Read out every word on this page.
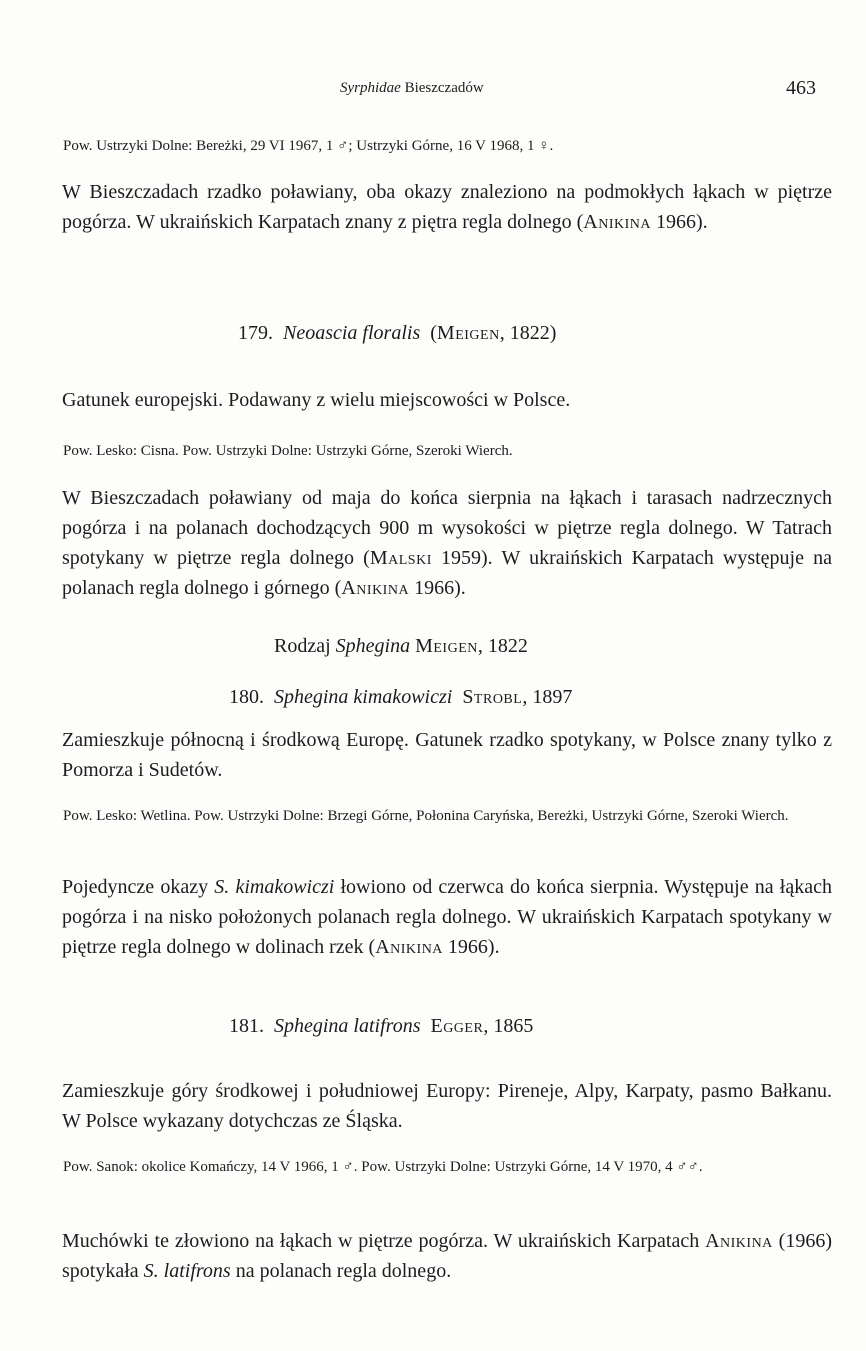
Syrphidae Bieszczadów	463

Pow. Ustrzyki Dolne: Bereżki, 29 VI 1967, 1 ♂; Ustrzyki Górne, 16 V 1968, 1 ♀.

W Bieszczadach rzadko poławiany, oba okazy znaleziono na podmokłych łąkach w piętrze pogórza. W ukraińskich Karpatach znany z piętra regla dolnego (Anikina 1966).

179. Neoascia floralis (Meigen, 1822)

Gatunek europejski. Podawany z wielu miejscowości w Polsce.

Pow. Lesko: Cisna. Pow. Ustrzyki Dolne: Ustrzyki Górne, Szeroki Wierch.

W Bieszczadach poławiany od maja do końca sierpnia na łąkach i tarasach nadrzecznych pogórza i na polanach dochodzących 900 m wysokości w piętrze regla dolnego. W Tatrach spotykany w piętrze regla dolnego (Malski 1959). W ukraińskich Karpatach występuje na polanach regla dolnego i górnego (Anikina 1966).

Rodzaj Sphegina Meigen, 1822
180. Sphegina kimakowiczi Strobl, 1897

Zamieszkuje północną i środkową Europę. Gatunek rzadko spotykany, w Polsce znany tylko z Pomorza i Sudetów.

Pow. Lesko: Wetlina. Pow. Ustrzyki Dolne: Brzegi Górne, Połonina Caryńska, Bereżki, Ustrzyki Górne, Szeroki Wierch.

Pojedyncze okazy S. kimakowiczi łowiono od czerwca do końca sierpnia. Występuje na łąkach pogórza i na nisko położonych polanach regla dolnego. W ukraińskich Karpatach spotykany w piętrze regla dolnego w dolinach rzek (Anikina 1966).

181. Sphegina latifrons Egger, 1865

Zamieszkuje góry środkowej i południowej Europy: Pireneje, Alpy, Karpaty, pasmo Bałkanu. W Polsce wykazany dotychczas ze Śląska.

Pow. Sanok: okolice Komańczy, 14 V 1966, 1 ♂. Pow. Ustrzyki Dolne: Ustrzyki Górne, 14 V 1970, 4 ♂♂.

Muchówki te złowiono na łąkach w piętrze pogórza. W ukraińskich Karpatach Anikina (1966) spotykała S. latifrons na polanach regla dolnego.
